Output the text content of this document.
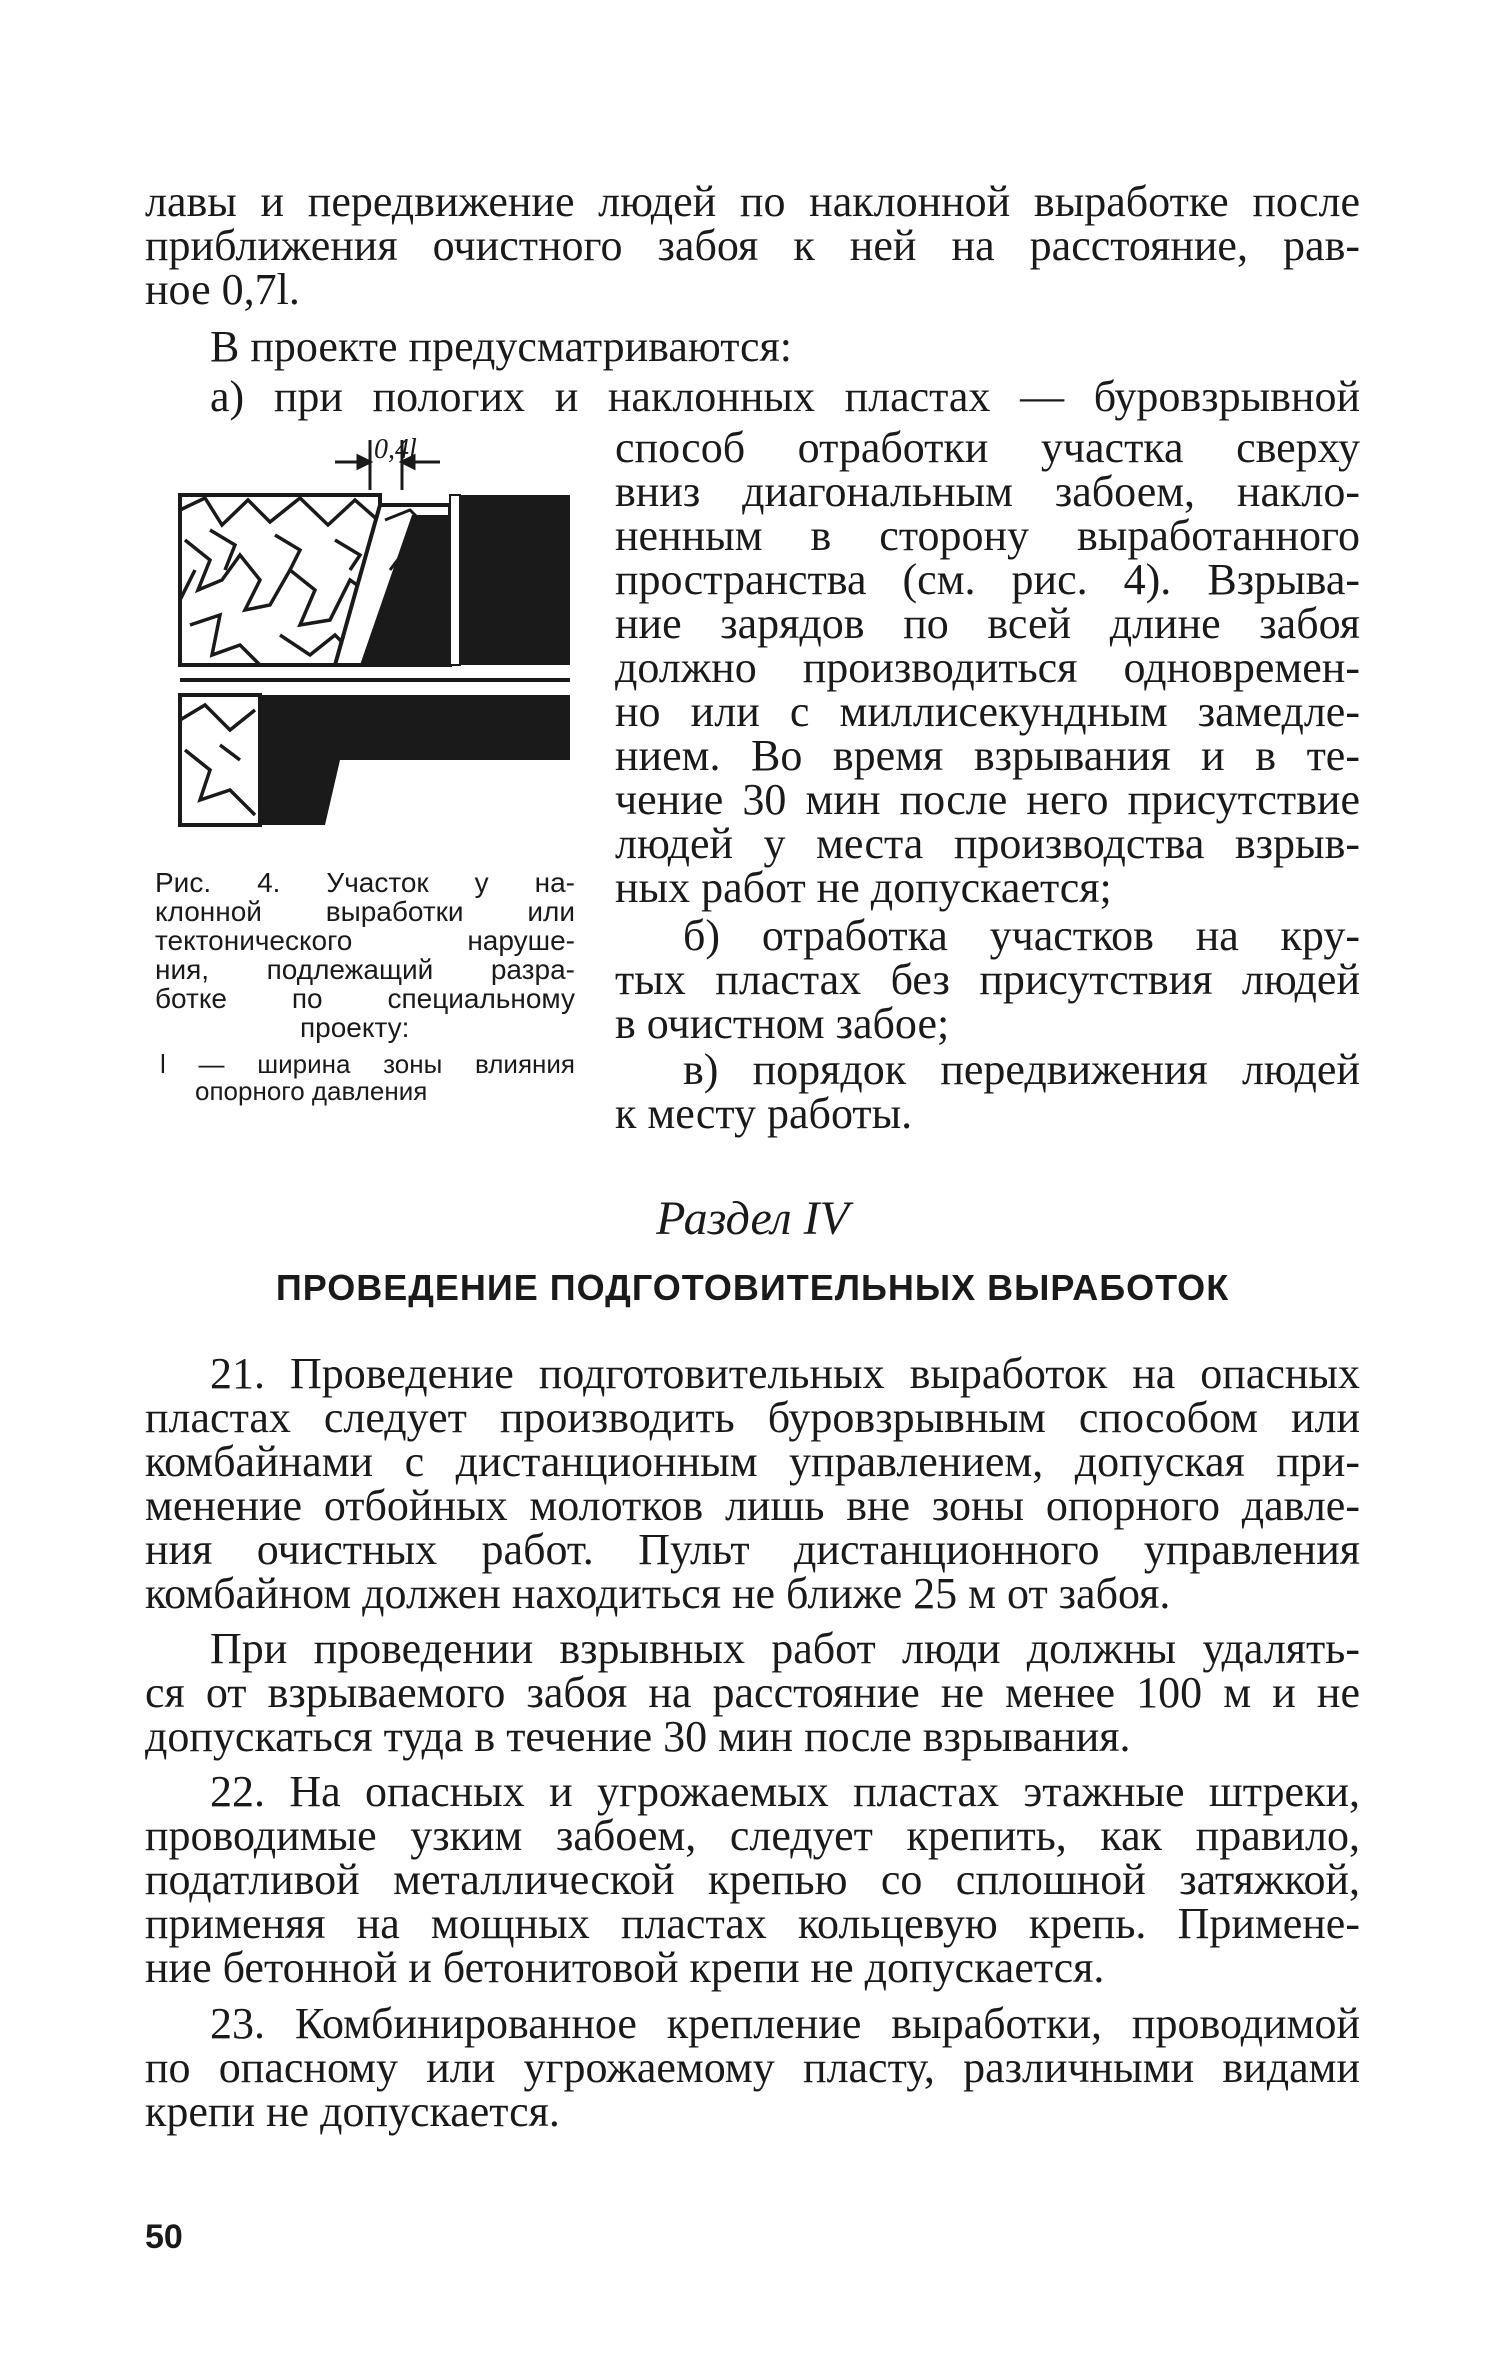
лавы и передвижение людей по наклонной выработке после
приближения очистного забоя к ней на расстояние, рав-
ное 0,7l.
В проекте предусматриваются:
а) при пологих и наклонных пластах — буровзрывной
способ отработки участка сверху
вниз диагональным забоем, накло-
ненным в сторону выработанного
пространства (см. рис. 4). Взрыва-
ние зарядов по всей длине забоя
должно производиться одновремен-
но или с миллисекундным замедле-
нием. Во время взрывания и в те-
чение 30 мин после него присутствие
людей у места производства взрыв-
ных работ не допускается;
б) отработка участков на кру-
тых пластах без присутствия людей
в очистном забое;
в) порядок передвижения людей
к месту работы.
0,4l
Рис. 4. Участок у на-
клонной выработки или
тектонического наруше-
ния, подлежащий разра-
ботке по специальному
проекту:
l — ширина зоны влияния
опорного давления
Раздел IV
ПРОВЕДЕНИЕ ПОДГОТОВИТЕЛЬНЫХ ВЫРАБОТОК
21. Проведение подготовительных выработок на опасных
пластах следует производить буровзрывным способом или
комбайнами с дистанционным управлением, допуская при-
менение отбойных молотков лишь вне зоны опорного давле-
ния очистных работ. Пульт дистанционного управления
комбайном должен находиться не ближе 25 м от забоя.
При проведении взрывных работ люди должны удалять-
ся от взрываемого забоя на расстояние не менее 100 м и не
допускаться туда в течение 30 мин после взрывания.
22. На опасных и угрожаемых пластах этажные штреки,
проводимые узким забоем, следует крепить, как правило,
податливой металлической крепью со сплошной затяжкой,
применяя на мощных пластах кольцевую крепь. Примене-
ние бетонной и бетонитовой крепи не допускается.
23. Комбинированное крепление выработки, проводимой
по опасному или угрожаемому пласту, различными видами
крепи не допускается.
50
